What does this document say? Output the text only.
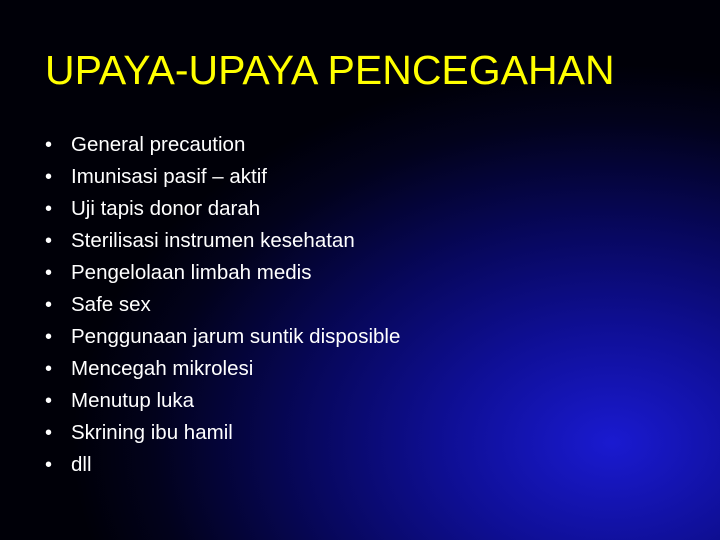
UPAYA-UPAYA PENCEGAHAN
• General precaution
• Imunisasi pasif – aktif
• Uji tapis donor darah
• Sterilisasi instrumen kesehatan
• Pengelolaan limbah medis
• Safe sex
• Penggunaan jarum suntik disposible
• Mencegah mikrolesi
• Menutup luka
• Skrining ibu hamil
• dll
